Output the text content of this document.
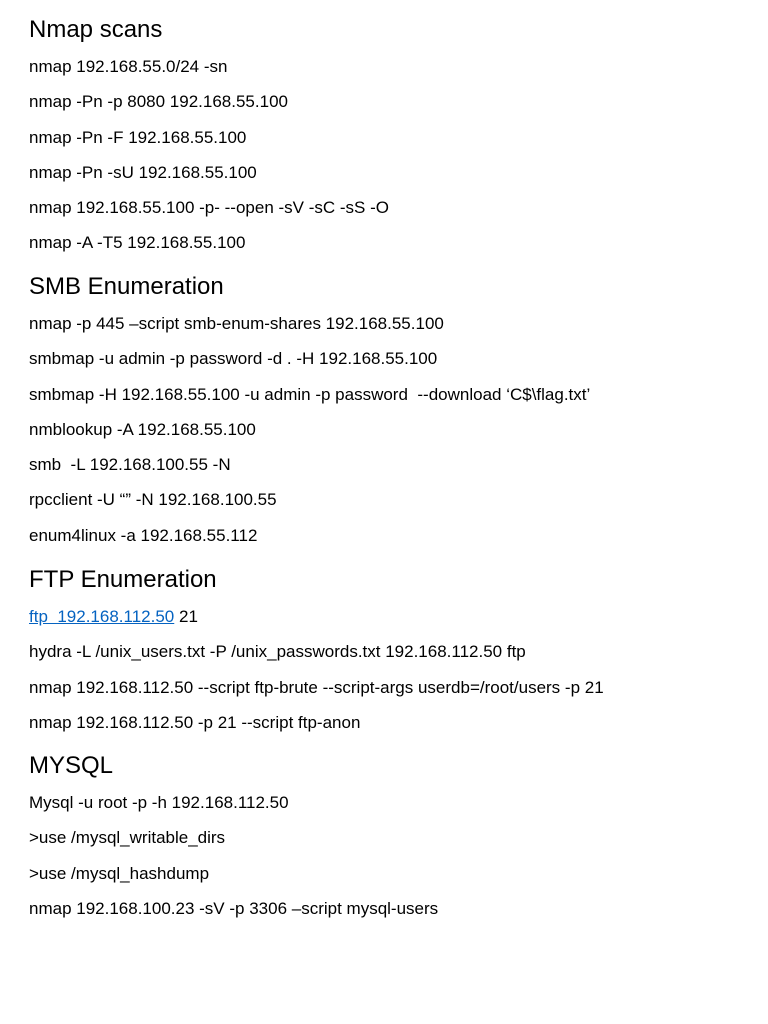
Nmap scans

nmap 192.168.55.0/24 -sn

nmap -Pn -p 8080 192.168.55.100

nmap -Pn -F 192.168.55.100

nmap -Pn -sU 192.168.55.100

nmap 192.168.55.100 -p- --open -sV -sC -sS -O

nmap -A -T5 192.168.55.100

SMB Enumeration

nmap -p 445 –script smb-enum-shares 192.168.55.100

smbmap -u admin -p password -d . -H 192.168.55.100

smbmap -H 192.168.55.100 -u admin -p password  --download ‘C$\flag.txt’

nmblookup -A 192.168.55.100

smb  -L 192.168.100.55 -N

rpcclient -U “” -N 192.168.100.55

enum4linux -a 192.168.55.112

FTP Enumeration

ftp  192.168.112.50 21

hydra -L /unix_users.txt -P /unix_passwords.txt 192.168.112.50 ftp

nmap 192.168.112.50 --script ftp-brute --script-args userdb=/root/users -p 21

nmap 192.168.112.50 -p 21 --script ftp-anon

MYSQL

Mysql -u root -p -h 192.168.112.50

>use /mysql_writable_dirs

>use /mysql_hashdump

nmap 192.168.100.23 -sV -p 3306 –script mysql-users
